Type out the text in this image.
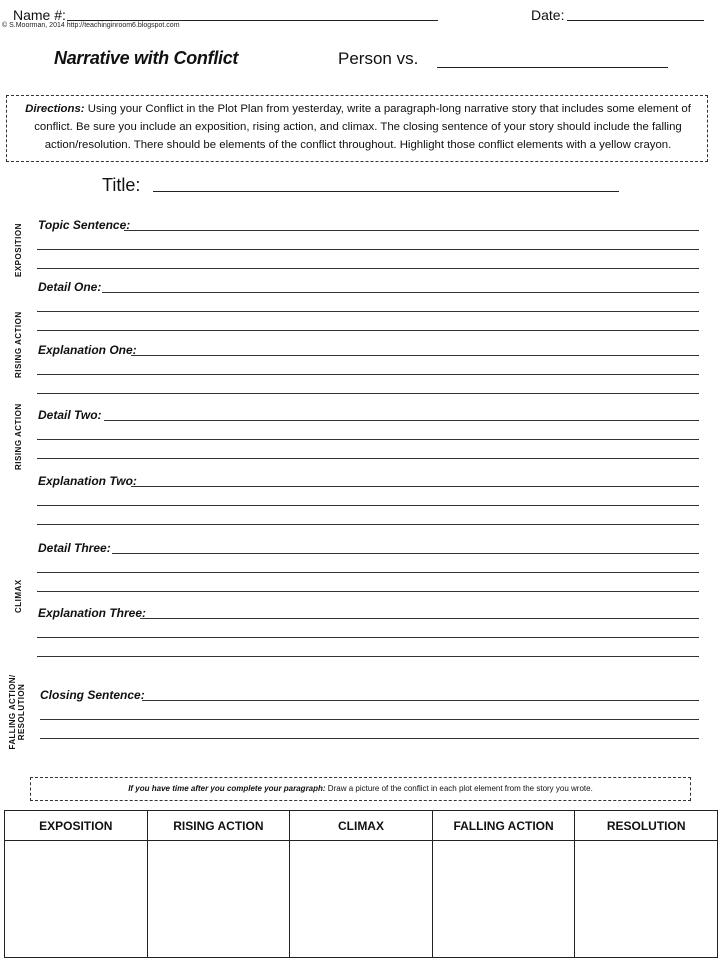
Name #:	Date:
© S.Moorman, 2014 http://teachinginroom6.blogspot.com
Narrative with Conflict	Person vs.
Directions: Using your Conflict in the Plot Plan from yesterday, write a paragraph-long narrative story that includes some element of conflict. Be sure you include an exposition, rising action, and climax. The closing sentence of your story should include the falling action/resolution. There should be elements of the conflict throughout. Highlight those conflict elements with a yellow crayon.
Title:
EXPOSITION
RISING ACTION
RISING ACTION
CLIMAX
FALLING ACTION/ RESOLUTION
Topic Sentence:
Detail One:
Explanation One:
Detail Two:
Explanation Two:
Detail Three:
Explanation Three:
Closing Sentence:
If you have time after you complete your paragraph: Draw a picture of the conflict in each plot element from the story you wrote.
EXPOSITION	RISING ACTION	CLIMAX	FALLING ACTION	RESOLUTION
